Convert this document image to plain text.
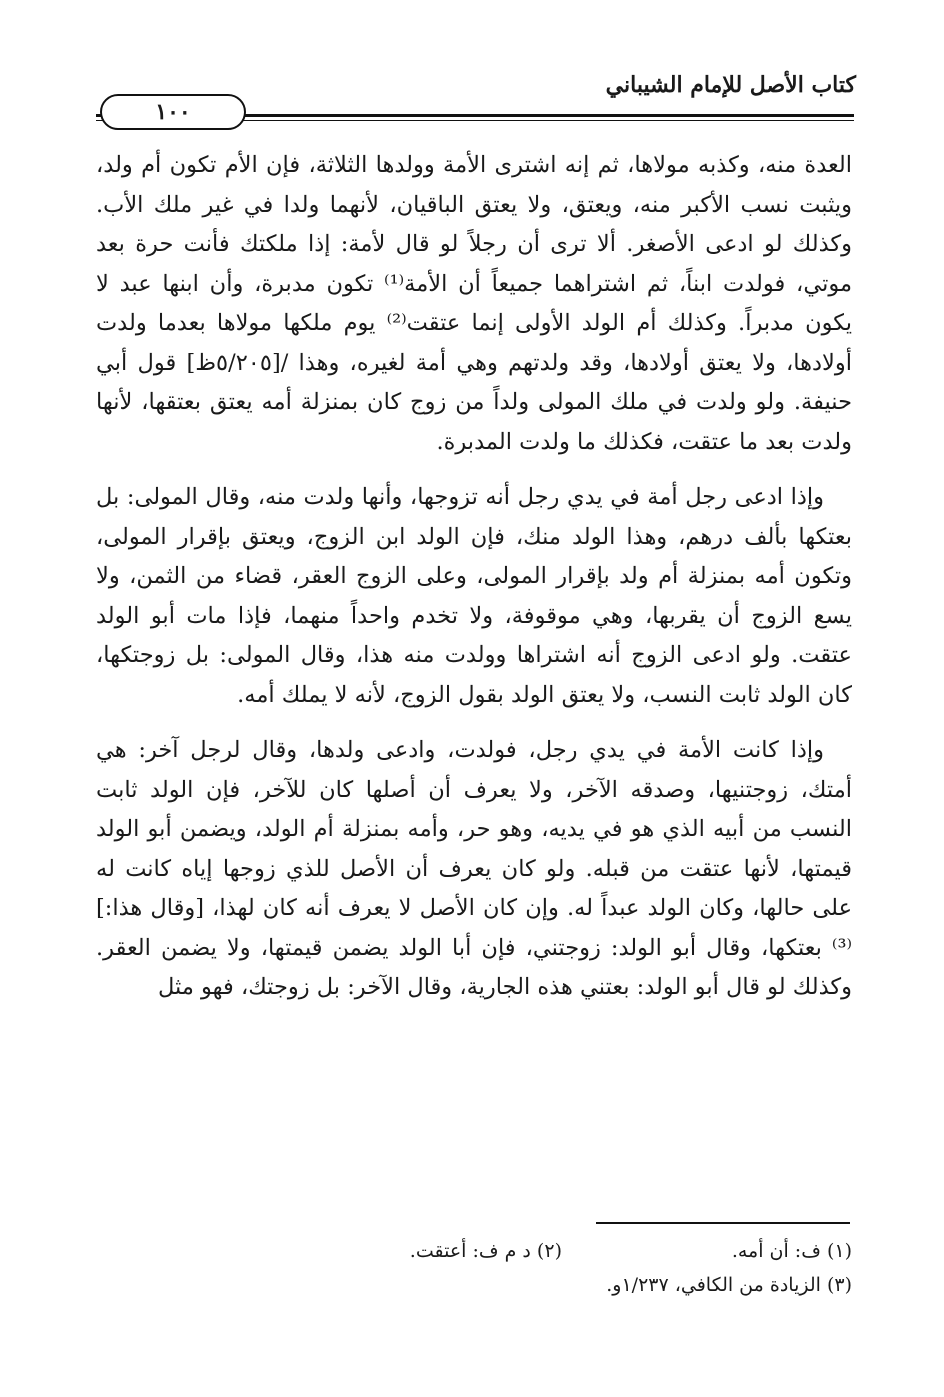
كتاب الأصل للإمام الشيباني
١٠٠

العدة منه، وكذبه مولاها، ثم إنه اشترى الأمة وولدها الثلاثة، فإن الأم تكون أم ولد، ويثبت نسب الأكبر منه، ويعتق، ولا يعتق الباقيان، لأنهما ولدا في غير ملك الأب. وكذلك لو ادعى الأصغر. ألا ترى أن رجلاً لو قال لأمة: إذا ملكتك فأنت حرة بعد موتي، فولدت ابناً، ثم اشتراهما جميعاً أن الأمة⁽¹⁾ تكون مدبرة، وأن ابنها عبد لا يكون مدبراً. وكذلك أم الولد الأولى إنما عتقت⁽²⁾ يوم ملكها مولاها بعدما ولدت أولادها، ولا يعتق أولادها، وقد ولدتهم وهي أمة لغيره، وهذا /[٥/٢٠٥ظ] قول أبي حنيفة. ولو ولدت في ملك المولى ولداً من زوج كان بمنزلة أمه يعتق بعتقها، لأنها ولدت بعد ما عتقت، فكذلك ما ولدت المدبرة.

وإذا ادعى رجل أمة في يدي رجل أنه تزوجها، وأنها ولدت منه، وقال المولى: بل بعتكها بألف درهم، وهذا الولد منك، فإن الولد ابن الزوج، ويعتق بإقرار المولى، وتكون أمه بمنزلة أم ولد بإقرار المولى، وعلى الزوج العقر، قضاء من الثمن، ولا يسع الزوج أن يقربها، وهي موقوفة، ولا تخدم واحداً منهما، فإذا مات أبو الولد عتقت. ولو ادعى الزوج أنه اشتراها وولدت منه هذا، وقال المولى: بل زوجتكها، كان الولد ثابت النسب، ولا يعتق الولد بقول الزوج، لأنه لا يملك أمه.

وإذا كانت الأمة في يدي رجل، فولدت، وادعى ولدها، وقال لرجل آخر: هي أمتك، زوجتنيها، وصدقه الآخر، ولا يعرف أن أصلها كان للآخر، فإن الولد ثابت النسب من أبيه الذي هو في يديه، وهو حر، وأمه بمنزلة أم الولد، ويضمن أبو الولد قيمتها، لأنها عتقت من قبله. ولو كان يعرف أن الأصل للذي زوجها إياه كانت له على حالها، وكان الولد عبداً له. وإن كان الأصل لا يعرف أنه كان لهذا، [وقال هذا:]⁽³⁾ بعتكها، وقال أبو الولد: زوجتني، فإن أبا الولد يضمن قيمتها، ولا يضمن العقر. وكذلك لو قال أبو الولد: بعتني هذه الجارية، وقال الآخر: بل زوجتك، فهو مثل

(١) ف: أن أمه.
(٢) د م ف: أعتقت.
(٣) الزيادة من الكافي، ١/٢٣٧و.
